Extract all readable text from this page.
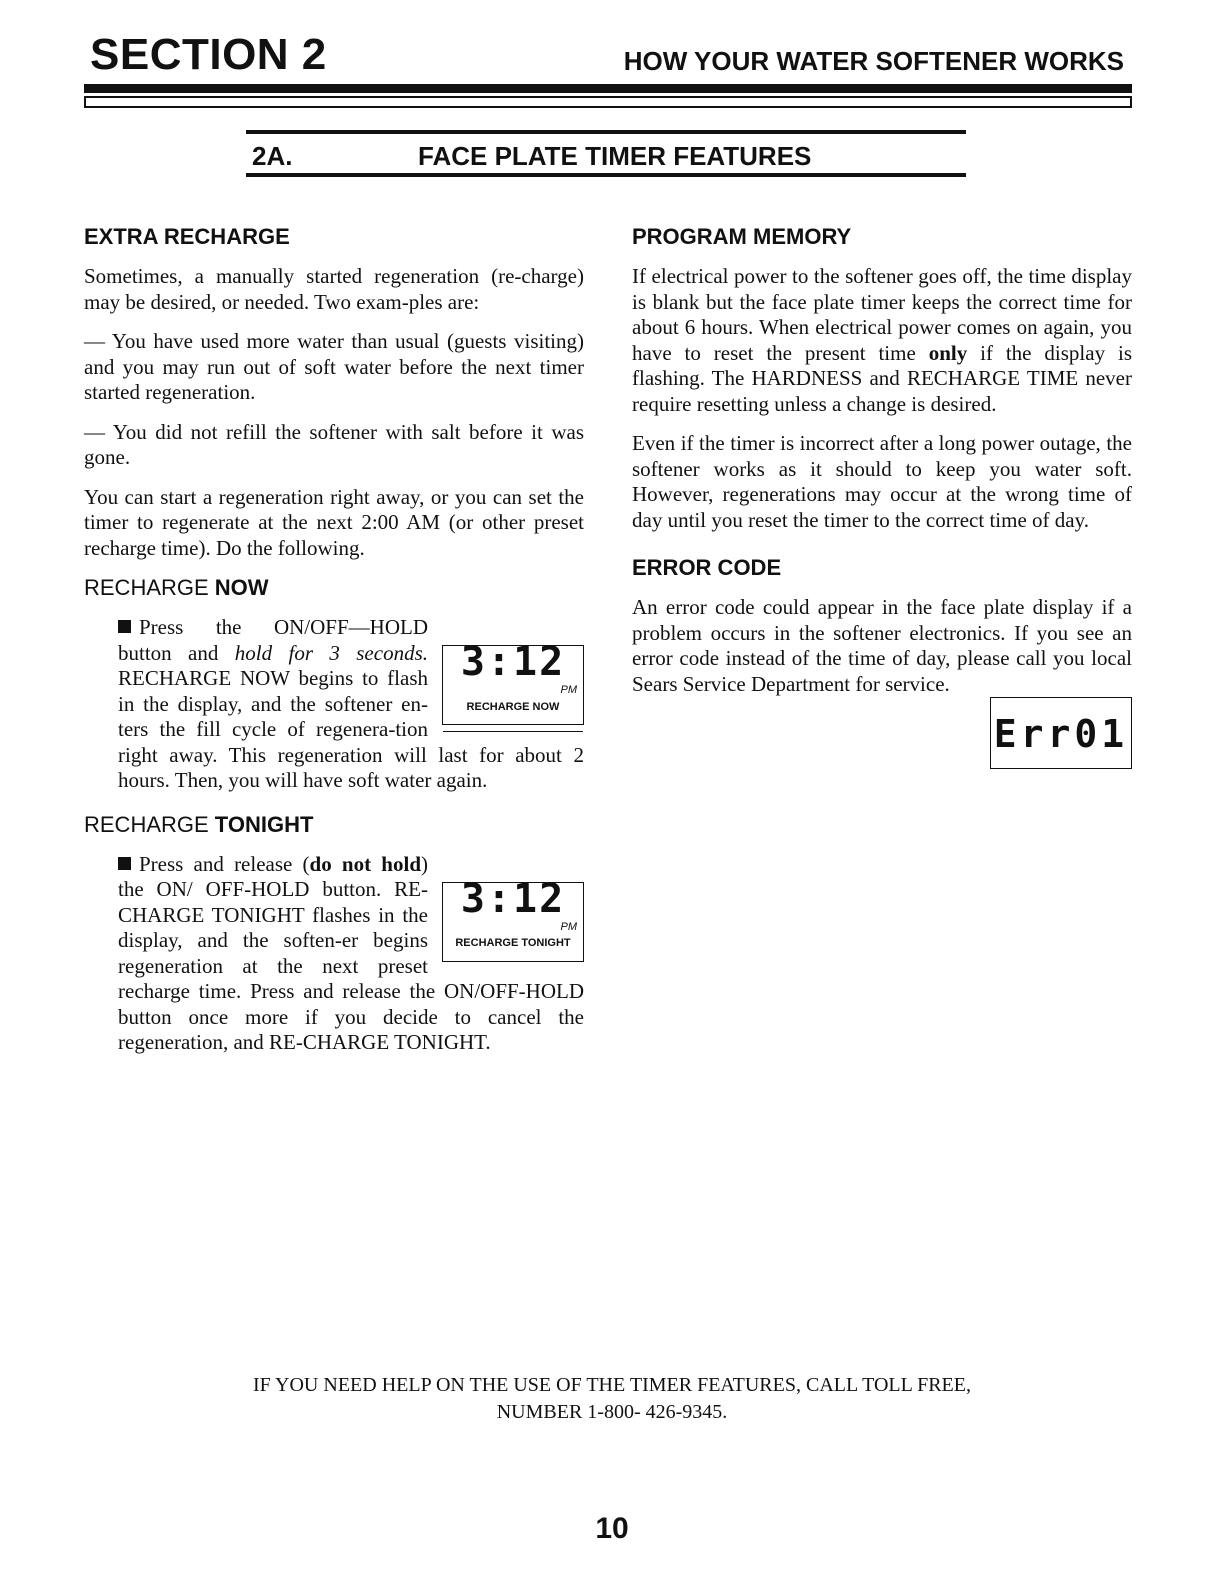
SECTION 2	HOW YOUR WATER SOFTENER WORKS
2A.	FACE PLATE TIMER FEATURES
EXTRA RECHARGE

Sometimes, a manually started regeneration (re-charge) may be desired, or needed. Two exam-ples are:

— You have used more water than usual (guests visiting) and you may run out of soft water before the next timer started regeneration.

— You did not refill the softener with salt before it was gone.

You can start a regeneration right away, or you can set the timer to regenerate at the next 2:00 AM (or other preset recharge time). Do the following.

RECHARGE NOW
3:12
PM
RECHARGE NOW
Press the ON/OFF—HOLD button and hold for 3 seconds. RECHARGE NOW begins to flash in the display, and the softener en-ters the fill cycle of regenera-tion right away. This regeneration will last for about 2 hours. Then, you will have soft water again.
RECHARGE TONIGHT
3:12
PM
RECHARGE TONIGHT
Press and release (do not hold) the ON/ OFF-HOLD button. RE-CHARGE TONIGHT flashes in the display, and the soften-er begins regeneration at the next preset recharge time. Press and release the ON/OFF-HOLD button once more if you decide to cancel the regeneration, and RE-CHARGE TONIGHT.
PROGRAM MEMORY

If electrical power to the softener goes off, the time display is blank but the face plate timer keeps the correct time for about 6 hours. When electrical power comes on again, you have to reset the present time only if the display is flashing. The HARDNESS and RECHARGE TIME never require resetting unless a change is desired.

Even if the timer is incorrect after a long power outage, the softener works as it should to keep you water soft. However, regenerations may occur at the wrong time of day until you reset the timer to the correct time of day.

ERROR CODE

An error code could appear in the face plate display if a problem occurs in the softener electronics. If you see an error code instead of the time of day, please call you local Sears Service Department for service.

Err01
IF YOU NEED HELP ON THE USE OF THE TIMER FEATURES, CALL TOLL FREE,
NUMBER 1-800- 426-9345.
10
